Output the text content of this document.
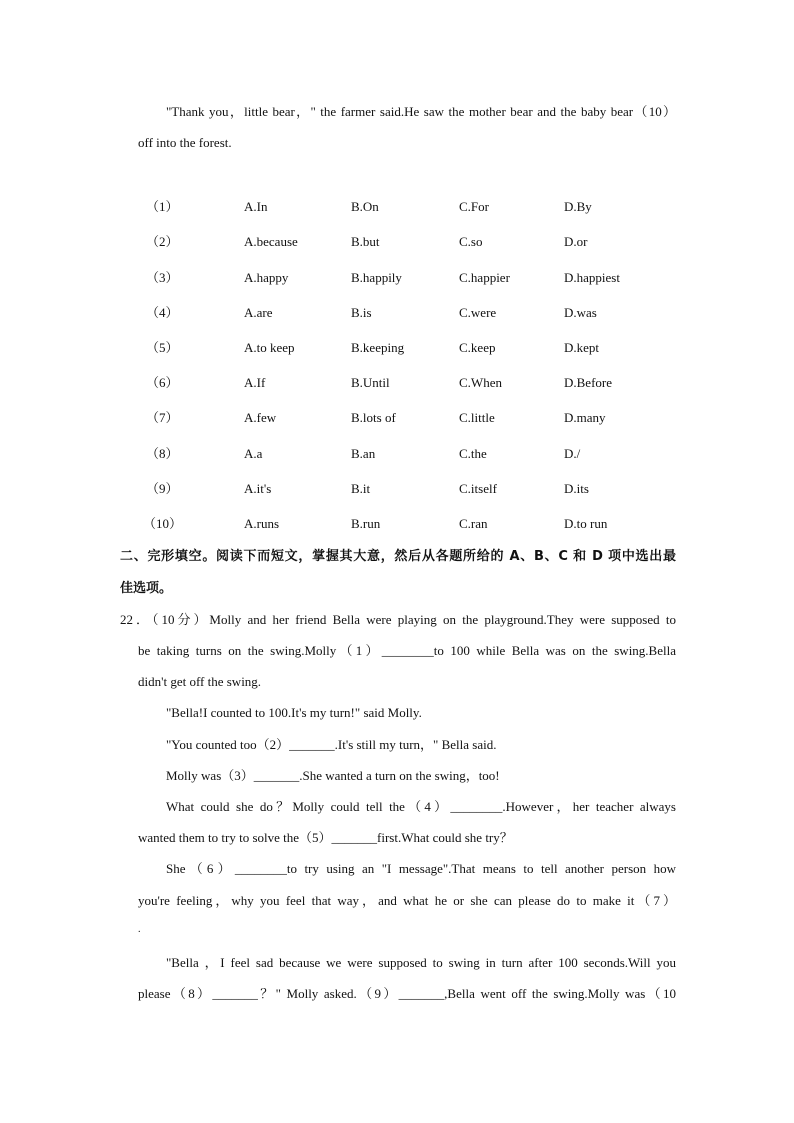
"Thank you，little bear，" the farmer said.He saw the mother bear and the baby bear（10）
off into the forest.
（1）	A.In	B.On	C.For	D.By
（2）	A.because	B.but	C.so	D.or
（3）	A.happy	B.happily	C.happier	D.happiest
（4）	A.are	B.is	C.were	D.was
（5）	A.to keep	B.keeping	C.keep	D.kept
（6）	A.If	B.Until	C.When	D.Before
（7）	A.few	B.lots of	C.little	D.many
（8）	A.a	B.an	C.the	D./
（9）	A.it's	B.it	C.itself	D.its
（10）	A.runs	B.run	C.ran	D.to run
二、完形填空。阅读下而短文，掌握其大意，然后从各题所给的 A、B、C 和 D 项中选出最
佳选项。
22．（10分）Molly and her friend Bella were playing on the playground.They were supposed to
be taking turns on the swing.Molly（1）________to 100 while Bella was on the swing.Bella
didn't get off the swing.
"Bella!I counted to 100.It's my turn!" said Molly.
"You counted too（2）_______.It's still my turn，" Bella said.
Molly was（3）_______.She wanted a turn on the swing，too!
What could she do？Molly could tell the（4）________.However，her teacher always
wanted them to try to solve the（5）_______first.What could she try？
She（6）________to try using an "I message".That means to tell another person how
you're feeling，why you feel that way，and what he or she can please do to make it（7）
.
"Bella ，I feel sad because we were supposed to swing in turn after 100 seconds.Will you
please（8）_______？" Molly asked.（9）_______,Bella went off the swing.Molly was（10
